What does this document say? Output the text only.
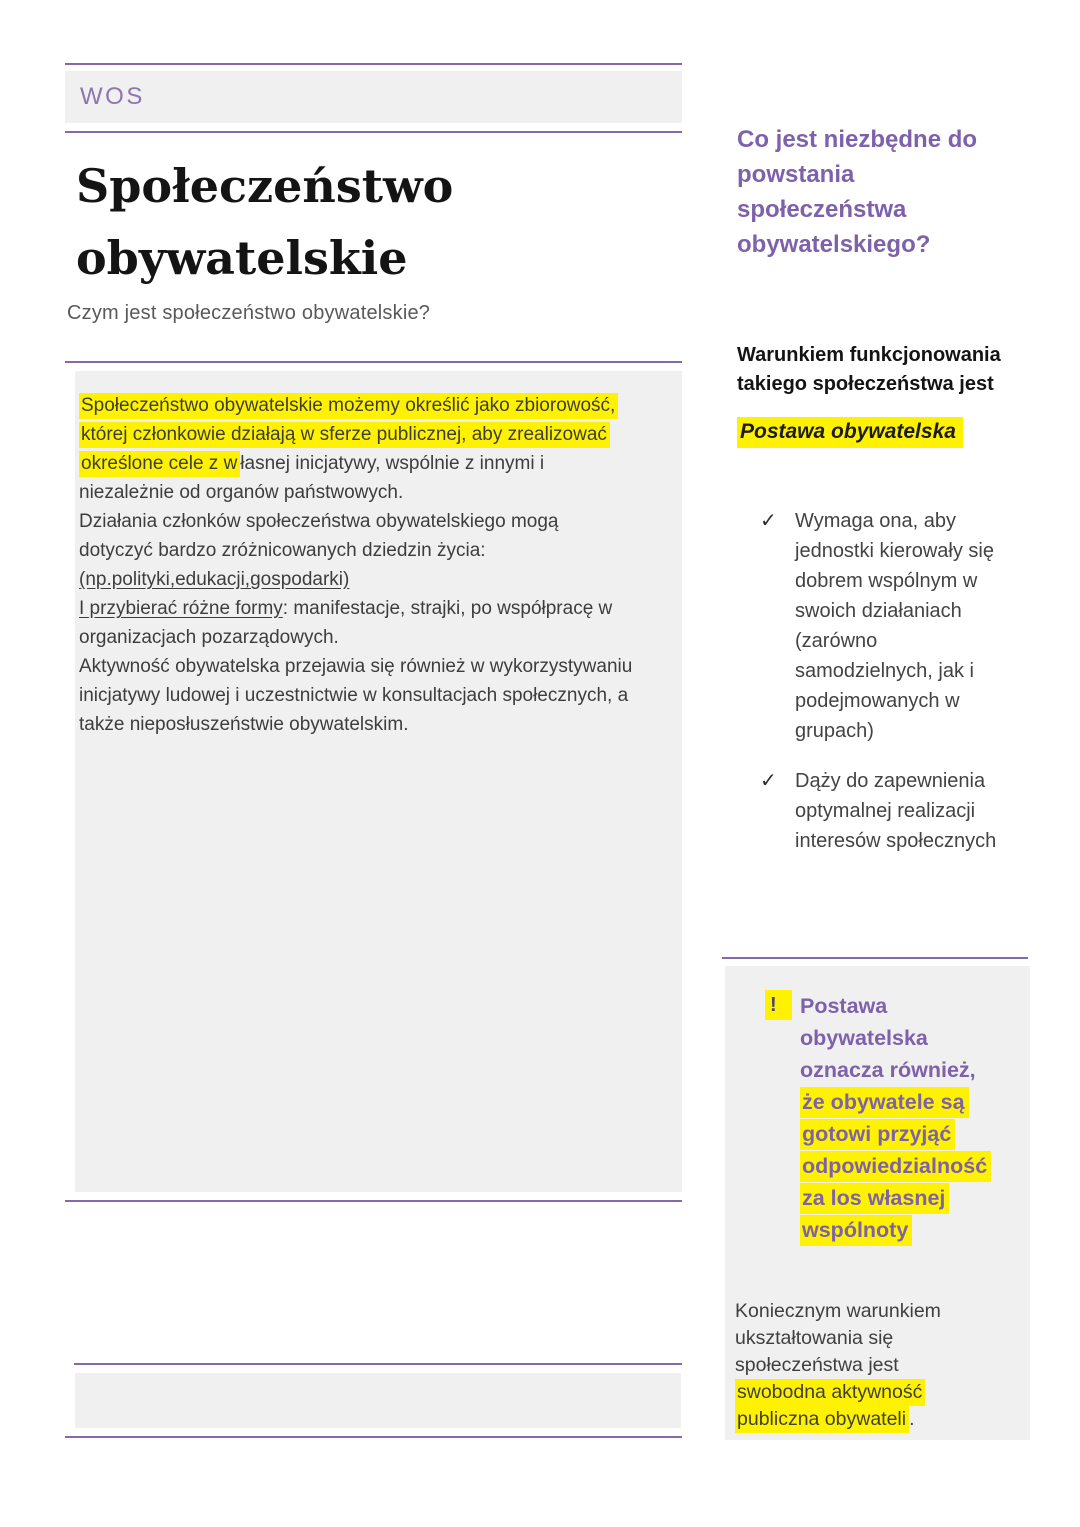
WOS
Społeczeństwo
obywatelskie
Czym jest społeczeństwo obywatelskie?

Społeczeństwo obywatelskie możemy określić jako zbiorowość,
której członkowie działają w sferze publicznej, aby zrealizować
określone cele z w łasnej inicjatywy, wspólnie z innymi i
niezależnie od organów państwowych.

Działania członków społeczeństwa obywatelskiego mogą
dotyczyć bardzo zróżnicowanych dziedzin życia:
(np.polityki,edukacji,gospodarki)

I przybierać różne formy: manifestacje, strajki, po współpracę w
organizacjach pozarządowych.

Aktywność obywatelska przejawia się również w wykorzystywaniu
inicjatywy ludowej i uczestnictwie w konsultacjach społecznych, a
także nieposłuszeństwie obywatelskim.

Co jest niezbędne do
powstania
społeczeństwa
obywatelskiego?
Warunkiem funkcjonowania
takiego społeczeństwa jest
Postawa obywatelska
✓ Wymaga ona, aby
jednostki kierowały się
dobrem wspólnym w
swoich działaniach
(zarówno
samodzielnych, jak i
podejmowanych w
grupach)
✓ Dąży do zapewnienia
optymalnej realizacji
interesów społecznych
!	Postawa
obywatelska
oznacza również,
że obywatele są
gotowi przyjąć
odpowiedzialność
za los własnej
wspólnoty
Koniecznym warunkiem
ukształtowania się
społeczeństwa jest
swobodna aktywność
publiczna obywateli .
